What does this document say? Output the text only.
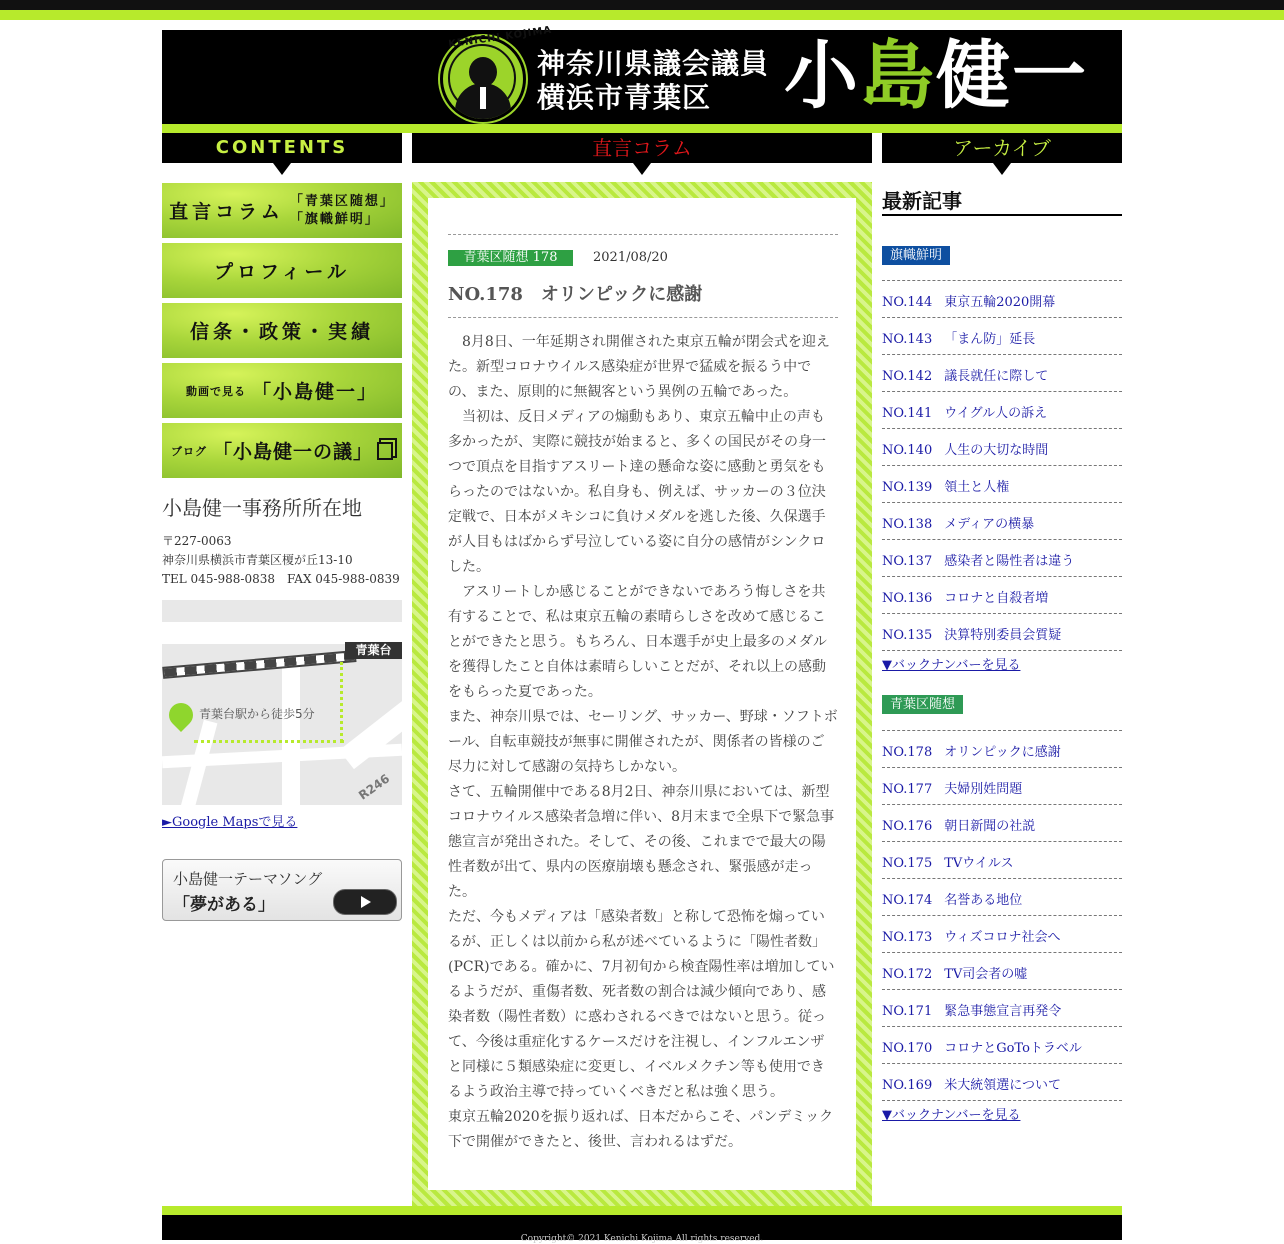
KENICHI KOJIMA
神奈川県議会議員
横浜市青葉区 小島健一
CONTENTS	直言コラム	アーカイブ
直言コラム 「青葉区随想」
「旗幟鮮明」
プロフィール
信条・政策・実績
動画で見る 「小島健一」
ブログ 「小島健一の議」
小島健一事務所所在地
〒227-0063
神奈川県横浜市青葉区榎が丘13-10
TEL 045-988-0838　FAX 045-988-0839
青葉台
青葉台駅から徒歩5分
R246
►Google Mapsで見る
小島健一テーマソング
「夢がある」
青葉区随想 178	2021/08/20
NO.178　オリンピックに感謝

　8月8日、一年延期され開催された東京五輪が閉会式を迎えた。新型コロナウイルス感染症が世界で猛威を振るう中での、また、原則的に無観客という異例の五輪であった。

　当初は、反日メディアの煽動もあり、東京五輪中止の声も多かったが、実際に競技が始まると、多くの国民がその身一つで頂点を目指すアスリート達の懸命な姿に感動と勇気をもらったのではないか。私自身も、例えば、サッカーの３位決定戦で、日本がメキシコに負けメダルを逃した後、久保選手が人目もはばからず号泣している姿に自分の感情がシンクロした。

　アスリートしか感じることができないであろう悔しさを共有することで、私は東京五輪の素晴らしさを改めて感じることができたと思う。もちろん、日本選手が史上最多のメダルを獲得したこと自体は素晴らしいことだが、それ以上の感動をもらった夏であった。

また、神奈川県では、セーリング、サッカー、野球・ソフトボール、自転車競技が無事に開催されたが、関係者の皆様のご尽力に対して感謝の気持ちしかない。

さて、五輪開催中である8月2日、神奈川県においては、新型コロナウイルス感染者急増に伴い、8月末まで全県下で緊急事態宣言が発出された。そして、その後、これまでで最大の陽性者数が出て、県内の医療崩壊も懸念され、緊張感が走った。

ただ、今もメディアは「感染者数」と称して恐怖を煽っているが、正しくは以前から私が述べているように「陽性者数」(PCR)である。確かに、7月初旬から検査陽性率は増加しているようだが、重傷者数、死者数の割合は減少傾向であり、感染者数（陽性者数）に惑わされるべきではないと思う。従って、今後は重症化するケースだけを注視し、インフルエンザと同様に５類感染症に変更し、イベルメクチン等も使用できるよう政治主導で持っていくべきだと私は強く思う。

東京五輪2020を振り返れば、日本だからこそ、パンデミック下で開催ができたと、後世、言われるはずだ。

最新記事
旗幟鮮明
NO.144 東京五輪2020開幕
NO.143 「まん防」延長
NO.142 議長就任に際して
NO.141 ウイグル人の訴え
NO.140 人生の大切な時間
NO.139 領土と人権
NO.138 メディアの横暴
NO.137 感染者と陽性者は違う
NO.136 コロナと自殺者増
NO.135 決算特別委員会質疑
▼バックナンバーを見る
青葉区随想
NO.178 オリンピックに感謝
NO.177 夫婦別姓問題
NO.176 朝日新聞の社説
NO.175 TVウイルス
NO.174 名誉ある地位
NO.173 ウィズコロナ社会へ
NO.172 TV司会者の嘘
NO.171 緊急事態宣言再発令
NO.170 コロナとGoToトラベル
NO.169 米大統領選について
▼バックナンバーを見る
Copyright© 2021 Kenichi Kojima All rights reserved.
